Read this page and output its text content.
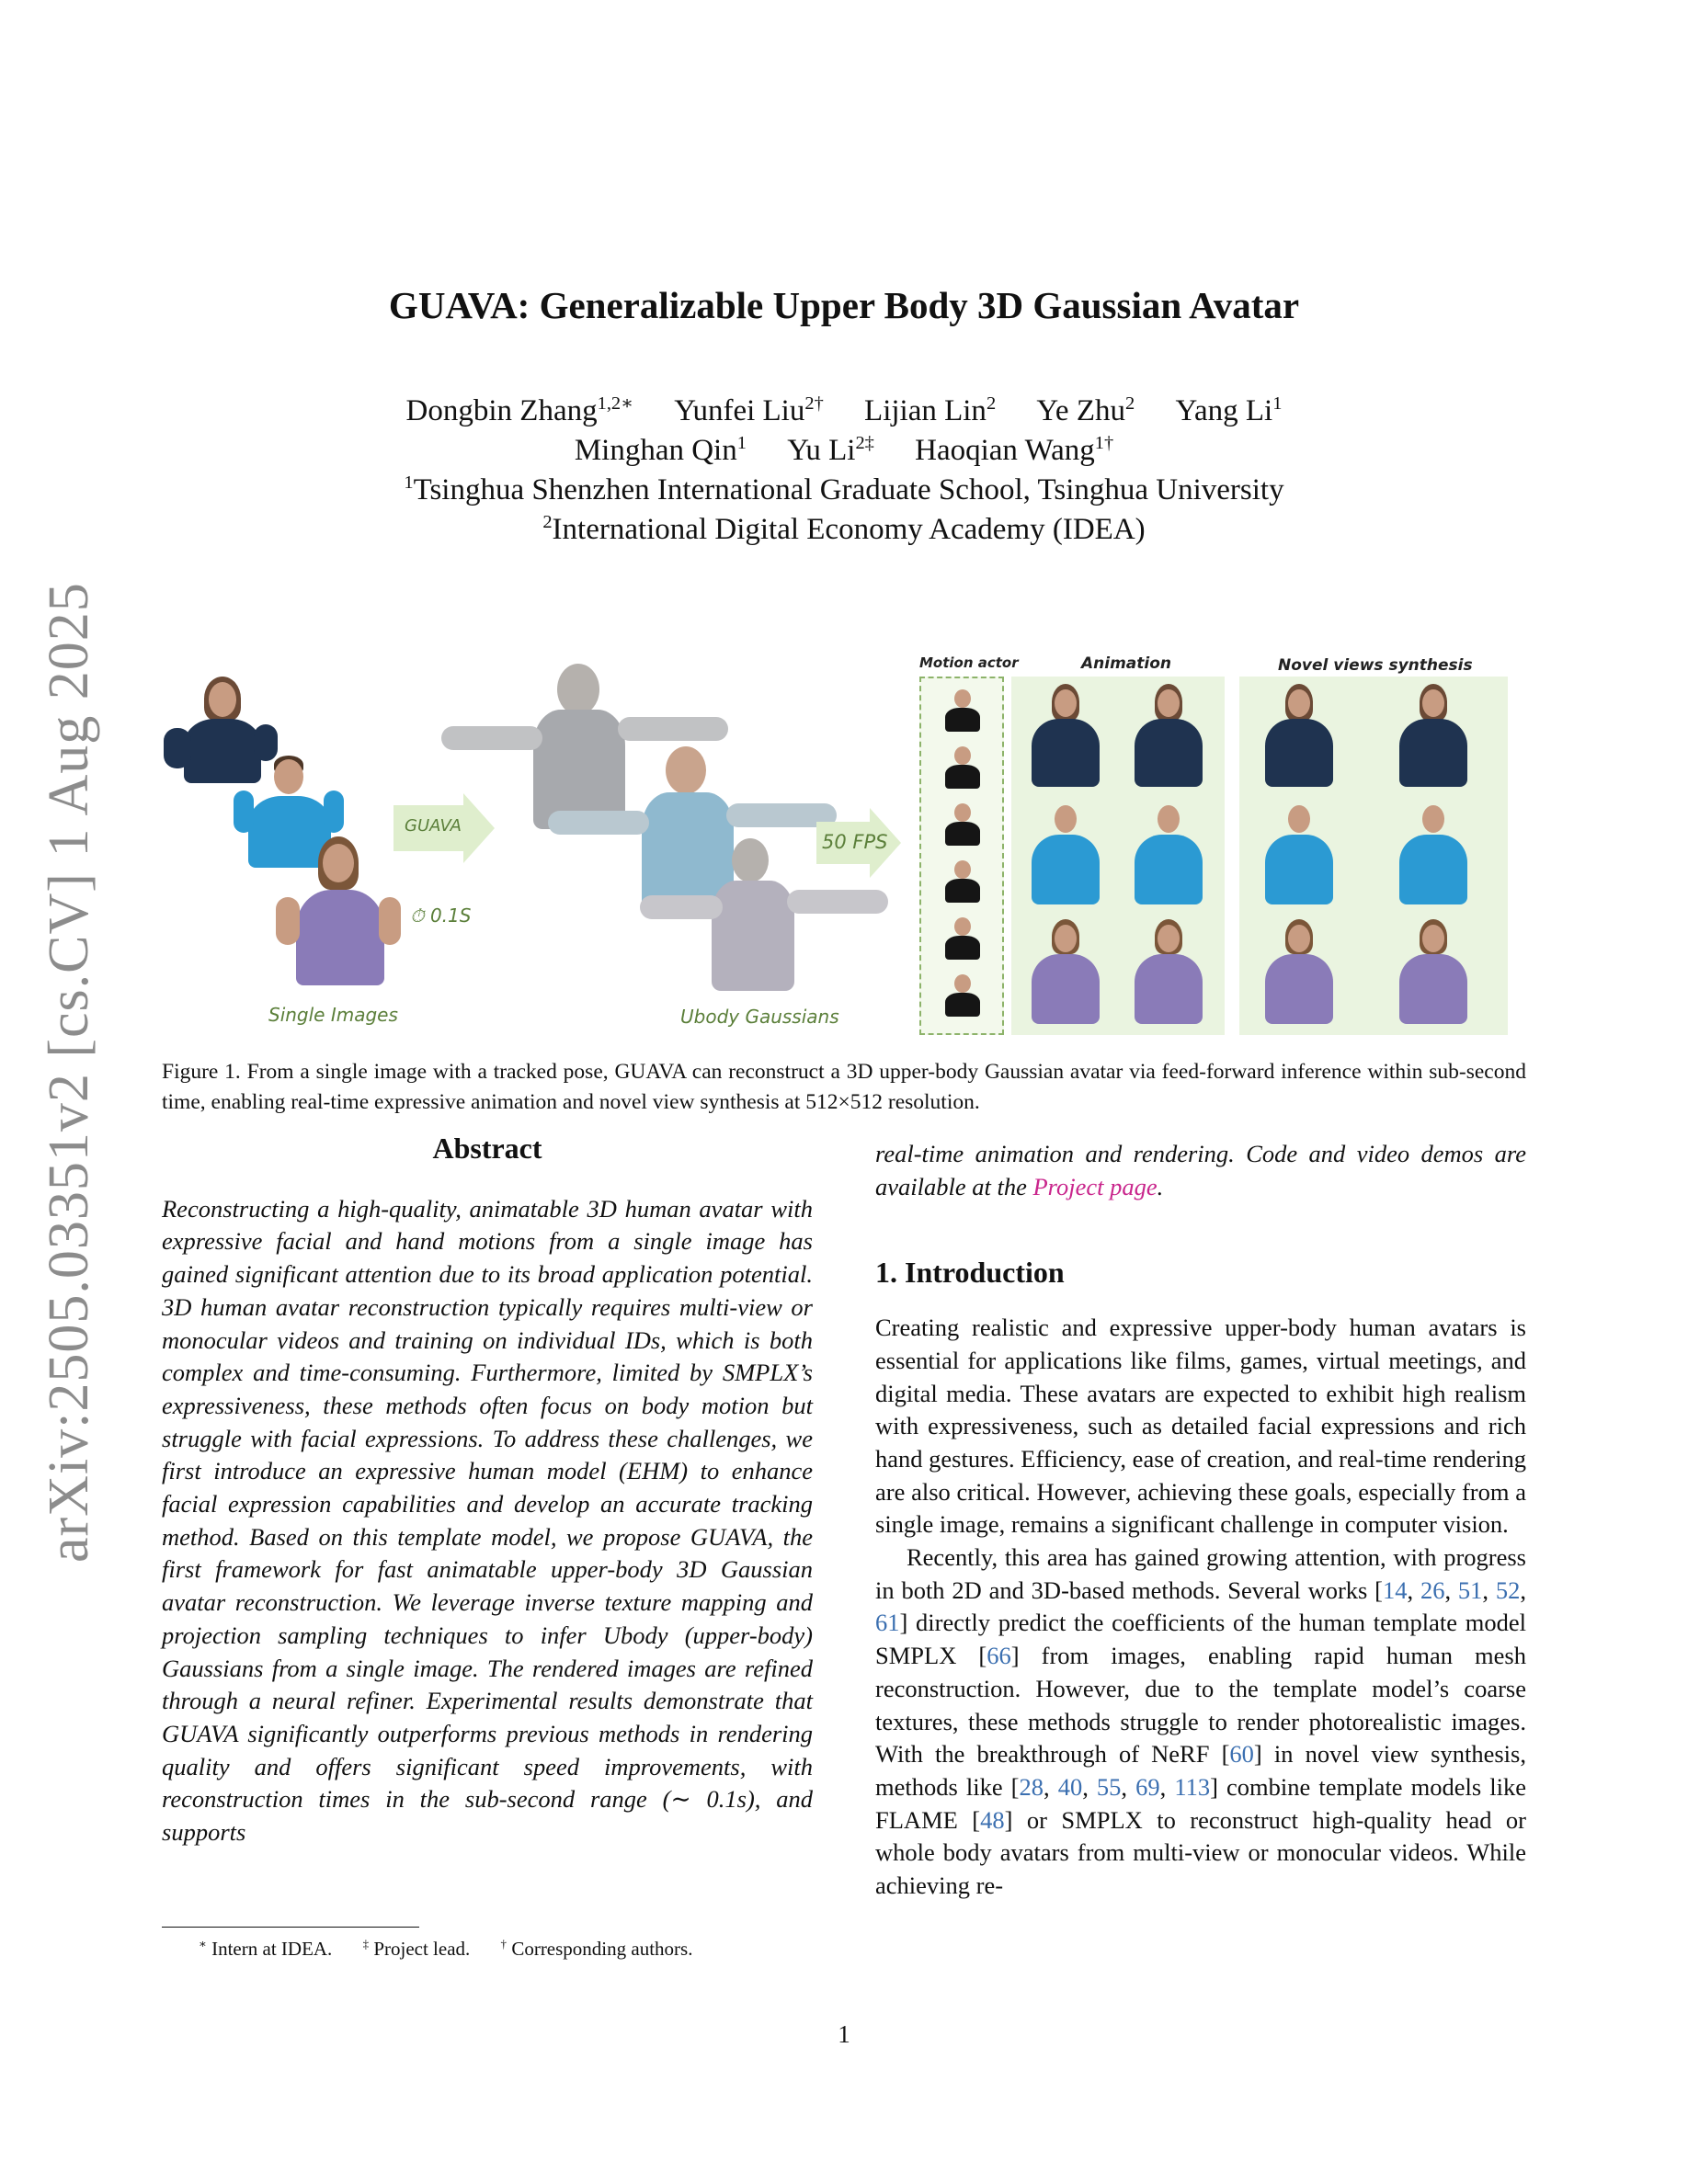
arXiv:2505.03351v2 [cs.CV] 1 Aug 2025
GUAVA: Generalizable Upper Body 3D Gaussian Avatar
Dongbin Zhang$^{1,2∗}$ Yunfei Liu$^{2\dagger}$ Lijian Lin$^2$ Ye Zhu$^2$ Yang Li$^1$
Minghan Qin$^1$ Yu $Li^{2\ddagger}$ Haoqian Wang$^{1\dagger}$
$^1$Tsinghua Shenzhen International Graduate School, Tsinghua University
$^2$International Digital Economy Academy (IDEA)
Single Images
GUAVA
⏱ 0.1S
Ubody Gaussians
50 FPS
Motion actor	Animation	Novel views synthesis
Figure 1. From a single image with a tracked pose, GUAVA can reconstruct a 3D upper-body Gaussian avatar via feed-forward inference within sub-second time, enabling real-time expressive animation and novel view synthesis at 512×512 resolution.
Abstract

Reconstructing a high-quality, animatable 3D human avatar with expressive facial and hand motions from a single image has gained significant attention due to its broad application potential. 3D human avatar reconstruction typically requires multi-view or monocular videos and training on individual IDs, which is both complex and time-consuming. Furthermore, limited by SMPLX’s expressiveness, these methods often focus on body motion but struggle with facial expressions. To address these challenges, we first introduce an expressive human model (EHM) to enhance facial expression capabilities and develop an accurate tracking method. Based on this template model, we propose GUAVA, the first framework for fast animatable upper-body 3D Gaussian avatar reconstruction. We leverage inverse texture mapping and projection sampling techniques to infer Ubody (upper-body) Gaussians from a single image. The rendered images are refined through a neural refiner. Experimental results demonstrate that GUAVA significantly outperforms previous methods in rendering quality and offers significant speed improvements, with reconstruction times in the sub-second range (∼ 0.1s), and supports

real-time animation and rendering. Code and video demos are available at the Project page.

1. Introduction

Creating realistic and expressive upper-body human avatars is essential for applications like films, games, virtual meetings, and digital media. These avatars are expected to exhibit high realism with expressiveness, such as detailed facial expressions and rich hand gestures. Efficiency, ease of creation, and real-time rendering are also critical. However, achieving these goals, especially from a single image, remains a significant challenge in computer vision.

Recently, this area has gained growing attention, with progress in both 2D and 3D-based methods. Several works [14, 26, 51, 52, 61] directly predict the coefficients of the human template model SMPLX [66] from images, enabling rapid human mesh reconstruction. However, due to the template model’s coarse textures, these methods struggle to render photorealistic images. With the breakthrough of NeRF [60] in novel view synthesis, methods like [28, 40, 55, 69, 113] combine template models like FLAME [48] or SMPLX to reconstruct high-quality head or whole body avatars from multi-view or monocular videos. While achieving re-

∗ Intern at IDEA.	‡ Project lead.	† Corresponding authors.
1
